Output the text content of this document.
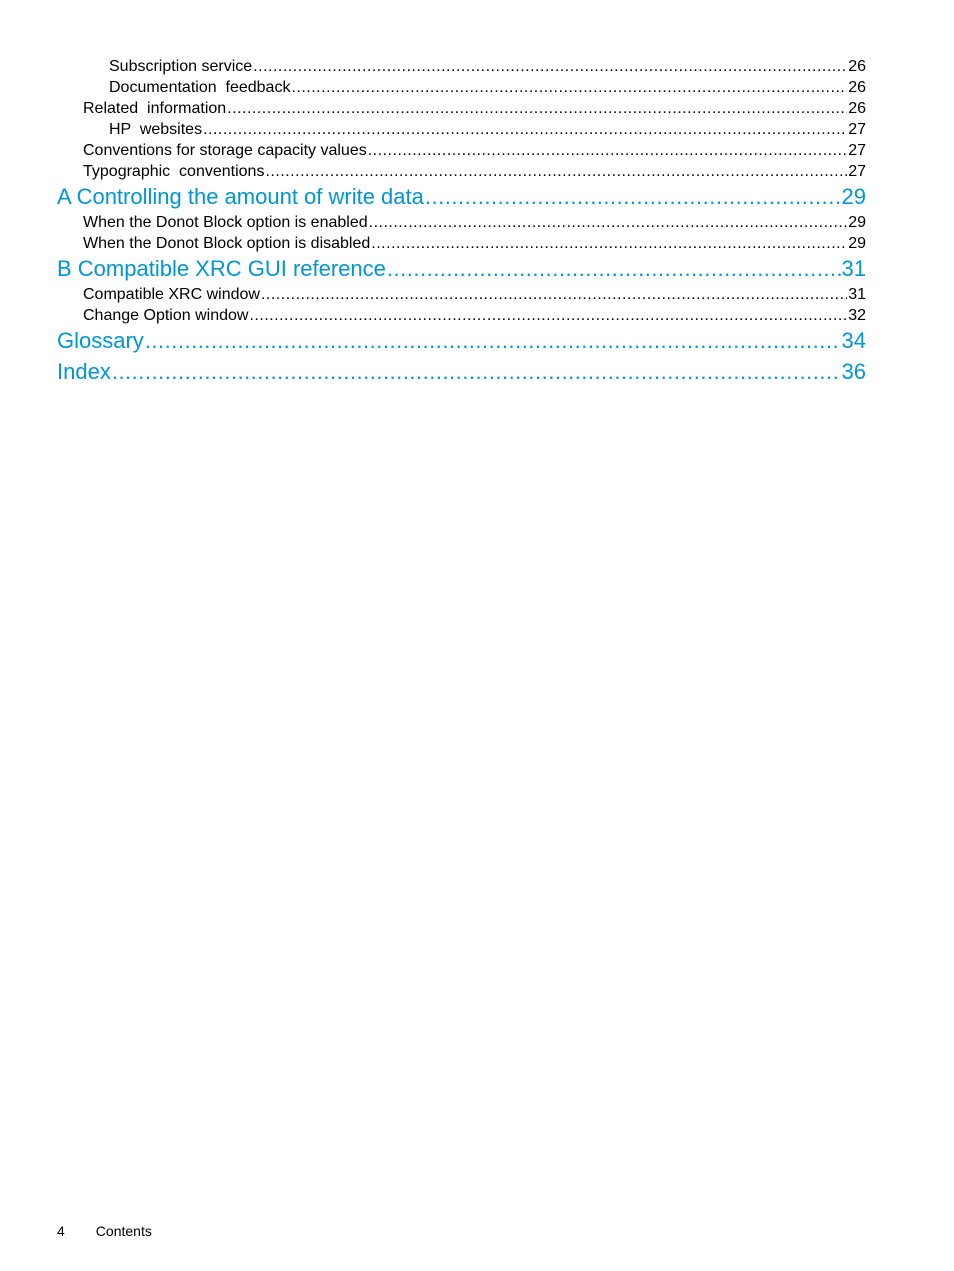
Subscription service .....	26
Documentation  feedback .....	26
Related  information .....	26
HP  websites .....	27
Conventions for storage capacity values .....	27
Typographic  conventions .....	27
A Controlling the amount of write data .....	29
When the Donot Block option is enabled .....	29
When the Donot Block option is disabled .....	29
B Compatible XRC GUI reference .....	31
Compatible XRC window .....	31
Change Option window .....	32
Glossary .....	34
Index .....	36
4 Contents
